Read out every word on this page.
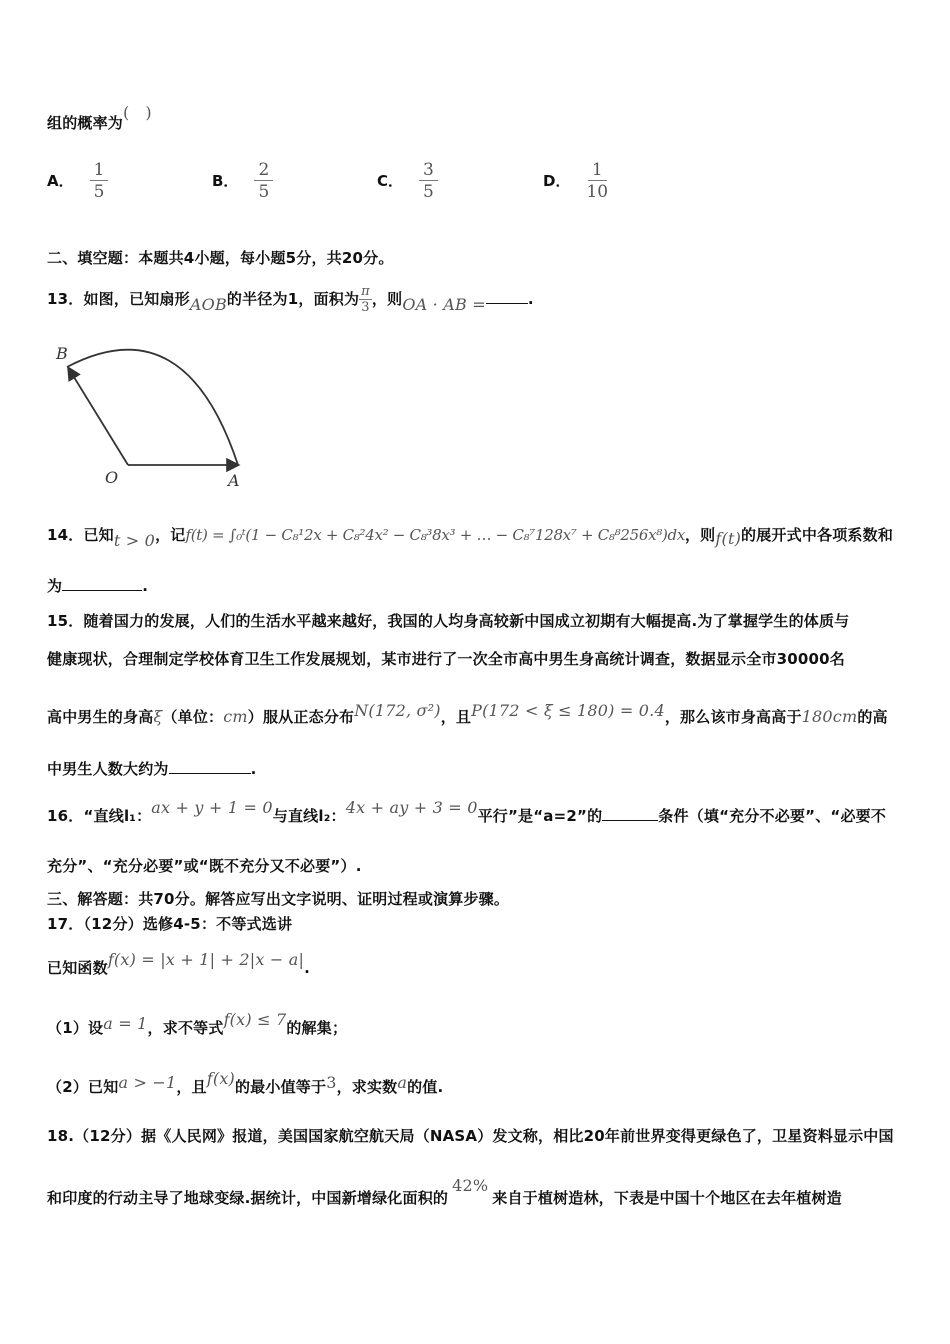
组的概率为(   )
A． $\frac{1}{5}$	B． $\frac{2}{5}$	C． $\frac{3}{5}$	D． $\frac{1}{10}$
二、填空题：本题共4小题，每小题5分，共20分。
13．如图，已知扇形AOB的半径为1，面积为 $\frac{\pi}{3}$ ，则OA · AB =	.
B
O	A
14．已知t > 0，记f(t) = ∫₀ᵗ(1 − C₈¹2x + C₈²4x² − C₈³8x³ + … − C₈⁷128x⁷ + C₈⁸256x⁸)dx，则f(t)的展开式中各项系数和
为	.
15．随着国力的发展，人们的生活水平越来越好，我国的人均身高较新中国成立初期有大幅提高.为了掌握学生的体质与
健康现状，合理制定学校体育卫生工作发展规划，某市进行了一次全市高中男生身高统计调查，数据显示全市30000名
高中男生的身高ξ（单位：cm）服从正态分布N(172, σ²)，且P(172 < ξ ≤ 180) = 0.4，那么该市身高高于180cm的高
中男生人数大约为	.
16．“直线l₁：ax + y + 1 = 0与直线l₂：4x + ay + 3 = 0平行”是“a=2”的	条件（填“充分不必要”、“必要不
充分”、“充分必要”或“既不充分又不必要”）.
三、解答题：共70分。解答应写出文字说明、证明过程或演算步骤。
17．（12分）选修4-5：不等式选讲
已知函数f(x) = |x + 1| + 2|x − a|.
（1）设a = 1，求不等式f(x) ≤ 7的解集；
（2）已知a > −1，且f(x)的最小值等于3，求实数a的值.
18.（12分）据《人民网》报道，美国国家航空航天局（NASA）发文称，相比20年前世界变得更绿色了，卫星资料显示中国
和印度的行动主导了地球变绿.据统计，中国新增绿化面积的42%来自于植树造林，下表是中国十个地区在去年植树造
